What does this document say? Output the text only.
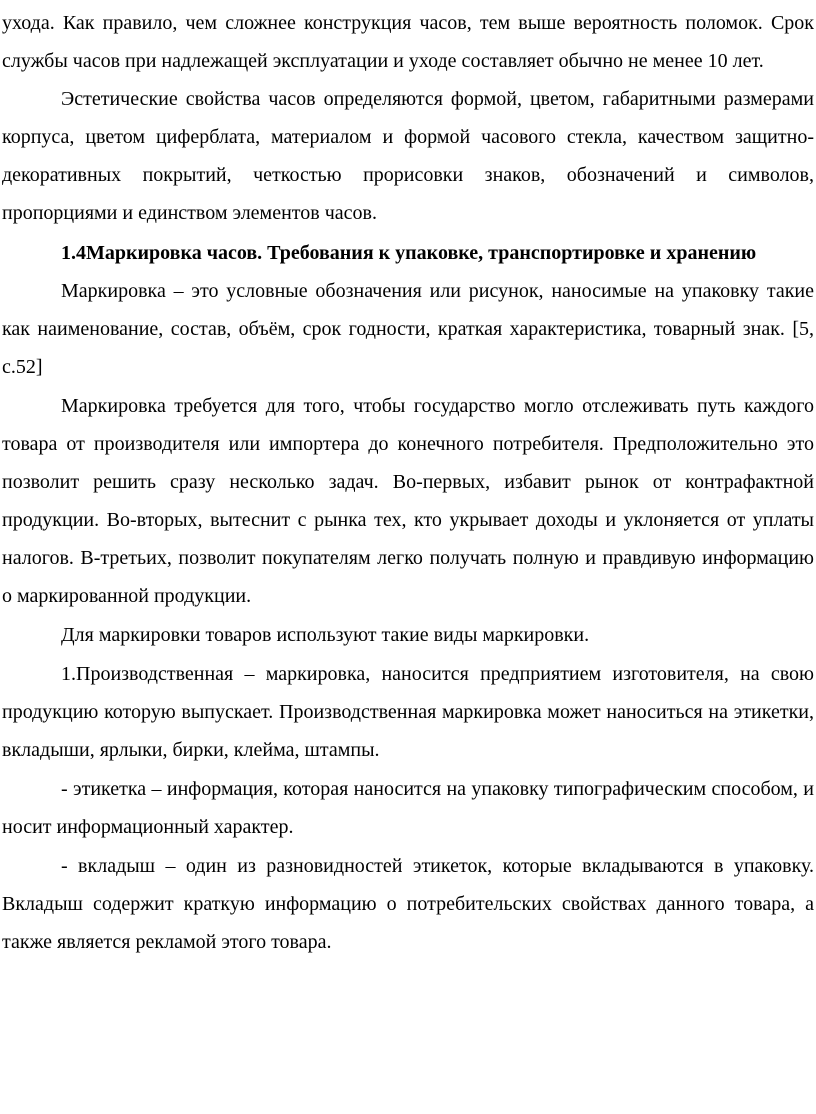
ухода. Как правило, чем сложнее конструкция часов, тем выше вероятность поломок. Срок службы часов при надлежащей эксплуатации и уходе составляет обычно не менее 10 лет.

Эстетические свойства часов определяются формой, цветом, габаритными размерами корпуса, цветом циферблата, материалом и формой часового стекла, качеством защитно-декоративных покрытий, четкостью прорисовки знаков, обозначений и символов, пропорциями и единством элементов часов.

1.4Маркировка часов. Требования к упаковке, транспортировке и хранению

Маркировка – это условные обозначения или рисунок, наносимые на упаковку такие как наименование, состав, объём, срок годности, краткая характеристика, товарный знак. [5, с.52]

Маркировка требуется для того, чтобы государство могло отслеживать путь каждого товара от производителя или импортера до конечного потребителя. Предположительно это позволит решить сразу несколько задач. Во-первых, избавит рынок от контрафактной продукции. Во-вторых, вытеснит с рынка тех, кто укрывает доходы и уклоняется от уплаты налогов. В-третьих, позволит покупателям легко получать полную и правдивую информацию о маркированной продукции.

Для маркировки товаров используют такие виды маркировки.

1.Производственная – маркировка, наносится предприятием изготовителя, на свою продукцию которую выпускает. Производственная маркировка может наноситься на этикетки, вкладыши, ярлыки, бирки, клейма, штампы.

- этикетка – информация, которая наносится на упаковку типографическим способом, и носит информационный характер.

- вкладыш – один из разновидностей этикеток, которые вкладываются в упаковку. Вкладыш содержит краткую информацию о потребительских свойствах данного товара, а также является рекламой этого товара.
